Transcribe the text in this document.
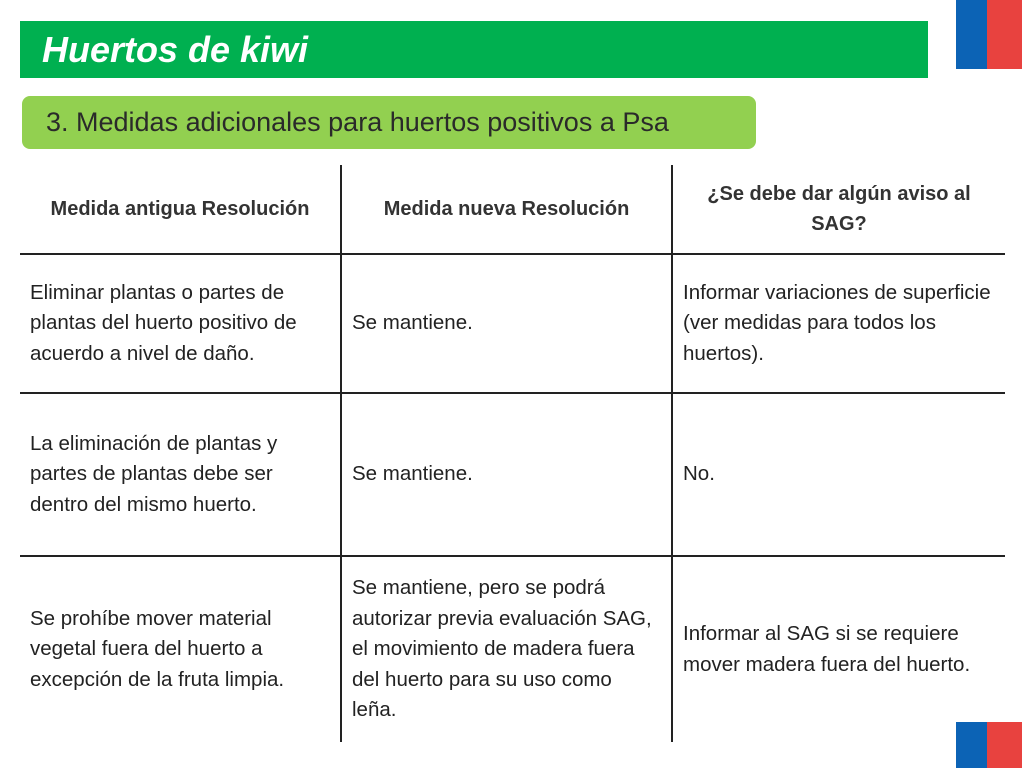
Huertos de kiwi
3. Medidas adicionales para huertos positivos a Psa
Medida antigua Resolución	Medida nueva Resolución
¿Se debe dar algún aviso al SAG?
Eliminar plantas o partes de plantas del huerto positivo de acuerdo a nivel de daño.
Se mantiene.
Informar variaciones de superficie (ver medidas para todos los huertos).
La eliminación de plantas y partes de plantas debe ser dentro del mismo huerto.
Se mantiene.	No.
Se prohíbe mover material vegetal fuera del huerto a excepción de la fruta limpia.
Se mantiene, pero se podrá autorizar previa evaluación SAG, el movimiento de madera fuera del huerto para su uso como leña.
Informar al SAG si se requiere mover madera fuera del huerto.
